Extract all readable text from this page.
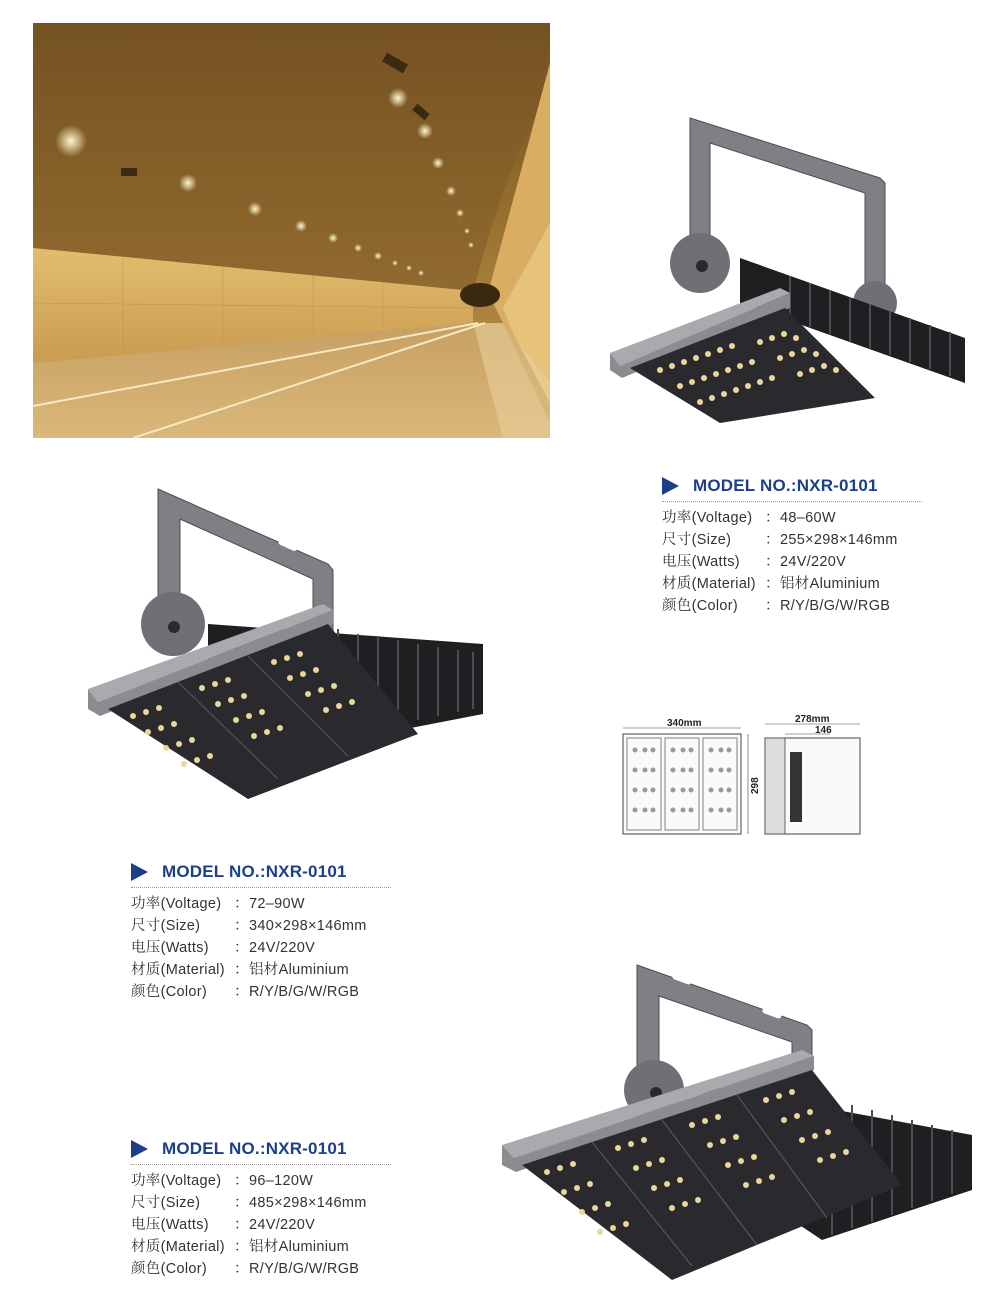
MODEL NO.:NXR-0101
功率(Voltage) ： 48–60W
尺寸(Size)	： 255×298×146mm
电压(Watts)	： 24V/220V
材质(Material) ： 铝材Aluminium
颜色(Color)	： R/Y/B/G/W/RGB
MODEL NO.:NXR-0101
功率(Voltage) ： 72–90W
尺寸(Size)	： 340×298×146mm
电压(Watts)	： 24V/220V
材质(Material) ： 铝材Aluminium
颜色(Color)	： R/Y/B/G/W/RGB
MODEL NO.:NXR-0101
功率(Voltage) ： 96–120W
尺寸(Size)	： 485×298×146mm
电压(Watts)	： 24V/220V
材质(Material) ： 铝材Aluminium
颜色(Color)	： R/Y/B/G/W/RGB
340mm
298
278mm
146
